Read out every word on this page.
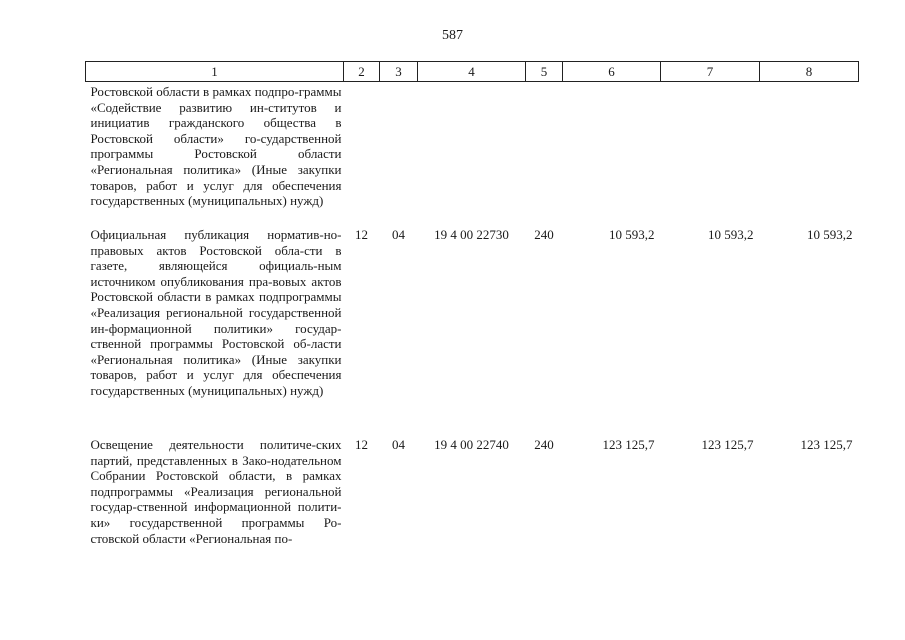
587
1	2	3	4	5	6	7	8
Ростовской области в рамках подпро-граммы «Содействие развитию ин-ститутов и инициатив гражданского общества в Ростовской области» го-сударственной программы Ростовской области «Региональная политика» (Иные закупки товаров, работ и услуг для обеспечения государственных (муниципальных) нужд)							
Официальная публикация норматив-но-правовых актов Ростовской обла-сти в газете, являющейся официаль-ным источником опубликования пра-вовых актов Ростовской области в рамках подпрограммы «Реализация региональной государственной ин-формационной политики» государ-ственной программы Ростовской об-ласти «Региональная политика» (Иные закупки товаров, работ и услуг для обеспечения государственных (муниципальных) нужд)	12	04	19 4 00 22730	240	10 593,2	10 593,2	10 593,2
Освещение деятельности политиче-ских партий, представленных в Зако-нодательном Собрании Ростовской области, в рамках подпрограммы «Реализация региональной государ-ственной информационной полити-ки» государственной программы Ро-стовской области «Региональная по-	12	04	19 4 00 22740	240	123 125,7	123 125,7	123 125,7
